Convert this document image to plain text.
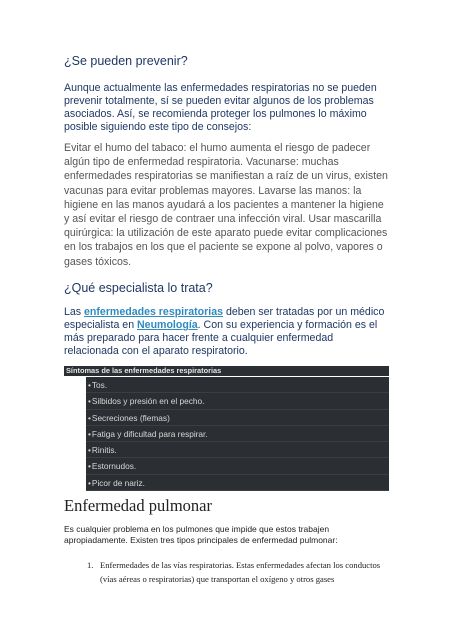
¿Se pueden prevenir?

Aunque actualmente las enfermedades respiratorias no se pueden prevenir totalmente, sí se pueden evitar algunos de los problemas asociados. Así, se recomienda proteger los pulmones lo máximo posible siguiendo este tipo de consejos:

Evitar el humo del tabaco: el humo aumenta el riesgo de padecer algún tipo de enfermedad respiratoria. Vacunarse: muchas enfermedades respiratorias se manifiestan a raíz de un virus, existen vacunas para evitar problemas mayores. Lavarse las manos: la higiene en las manos ayudará a los pacientes a mantener la higiene y así evitar el riesgo de contraer una infección viral. Usar mascarilla quirúrgica: la utilización de este aparato puede evitar complicaciones en los trabajos en los que el paciente se expone al polvo, vapores o gases tóxicos.

¿Qué especialista lo trata?

Las enfermedades respiratorias deben ser tratadas por un médico especialista en Neumología. Con su experiencia y formación es el más preparado para hacer frente a cualquier enfermedad relacionada con el aparato respiratorio.

Síntomas de las enfermedades respiratorias
•Tos.
•Silbidos y presión en el pecho.
•Secreciones (flemas)
•Fatiga y dificultad para respirar.
•Rinitis.
•Estornudos.
•Picor de nariz.
Enfermedad pulmonar

Es cualquier problema en los pulmones que impide que estos trabajen apropiadamente. Existen tres tipos principales de enfermedad pulmonar:

1. Enfermedades de las vías respiratorias. Estas enfermedades afectan los conductos (vías aéreas o respiratorias) que transportan el oxígeno y otros gases
